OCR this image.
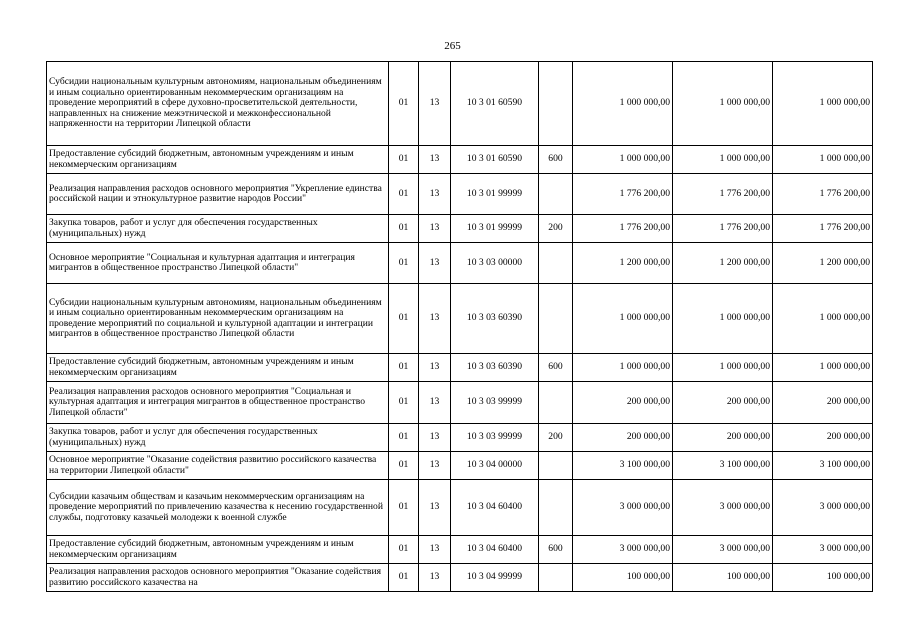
265
Субсидии национальным культурным автономиям, национальным объединениям и иным социально ориентированным некоммерческим организациям на проведение мероприятий в сфере духовно-просветительской деятельности, направленных на снижение межэтнической и межконфессиональной напряженности на территории Липецкой области	01	13	10 3 01 60590		1 000 000,00	1 000 000,00	1 000 000,00
Предоставление субсидий бюджетным, автономным учреждениям и иным некоммерческим организациям	01	13	10 3 01 60590	600	1 000 000,00	1 000 000,00	1 000 000,00
Реализация направления расходов основного мероприятия "Укрепление единства российской нации и этнокультурное развитие народов России"	01	13	10 3 01 99999		1 776 200,00	1 776 200,00	1 776 200,00
Закупка товаров, работ и услуг для обеспечения государственных (муниципальных) нужд	01	13	10 3 01 99999	200	1 776 200,00	1 776 200,00	1 776 200,00
Основное мероприятие "Социальная и культурная адаптация и интеграция мигрантов в общественное пространство Липецкой области"	01	13	10 3 03 00000		1 200 000,00	1 200 000,00	1 200 000,00
Субсидии национальным культурным автономиям, национальным объединениям и иным социально ориентированным некоммерческим организациям на проведение мероприятий по социальной и культурной адаптации и интеграции мигрантов в общественное пространство Липецкой области	01	13	10 3 03 60390		1 000 000,00	1 000 000,00	1 000 000,00
Предоставление субсидий бюджетным, автономным учреждениям и иным некоммерческим организациям	01	13	10 3 03 60390	600	1 000 000,00	1 000 000,00	1 000 000,00
Реализация направления расходов основного мероприятия "Социальная и культурная адаптация и интеграция мигрантов в общественное пространство Липецкой области"	01	13	10 3 03 99999		200 000,00	200 000,00	200 000,00
Закупка товаров, работ и услуг для обеспечения государственных (муниципальных) нужд	01	13	10 3 03 99999	200	200 000,00	200 000,00	200 000,00
Основное мероприятие "Оказание содействия развитию российского казачества на территории Липецкой области"	01	13	10 3 04 00000		3 100 000,00	3 100 000,00	3 100 000,00
Субсидии казачьим обществам и казачьим некоммерческим организациям на проведение мероприятий по привлечению казачества к несению государственной службы, подготовку казачьей молодежи к военной службе	01	13	10 3 04 60400		3 000 000,00	3 000 000,00	3 000 000,00
Предоставление субсидий бюджетным, автономным учреждениям и иным некоммерческим организациям	01	13	10 3 04 60400	600	3 000 000,00	3 000 000,00	3 000 000,00
Реализация направления расходов основного мероприятия "Оказание содействия развитию российского казачества на	01	13	10 3 04 99999		100 000,00	100 000,00	100 000,00
